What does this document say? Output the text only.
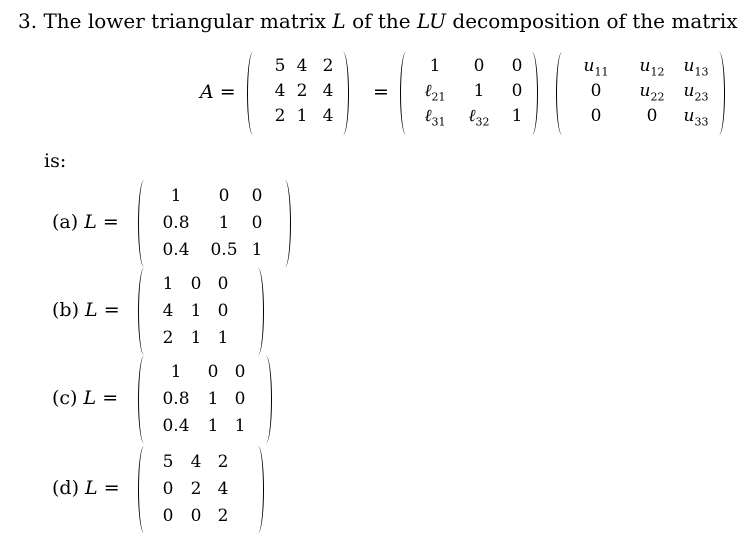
3. The lower triangular matrix L of the LU decomposition of the matrix
A =
5 4 2
4 2 4
2 1 4
=
1 0 0
ℓ$_{21}$ 1 0
ℓ$_{31}$ ℓ$_{32}$ 1
$u_{11}$ $u_{12}$ $u_{13}$
0 $u_{22}$ $u_{23}$
0	0 $u_{33}$
is:
(a) L =
1 0 0
0.8 1 0
0.4 0.5 1
(b) L =
1 0 0
4 1 0
2 1 1
(c) L =
1 0 0
0.8 1 0
0.4 1 1
(d) L =
5 4 2
0 2 4
0 0 2
